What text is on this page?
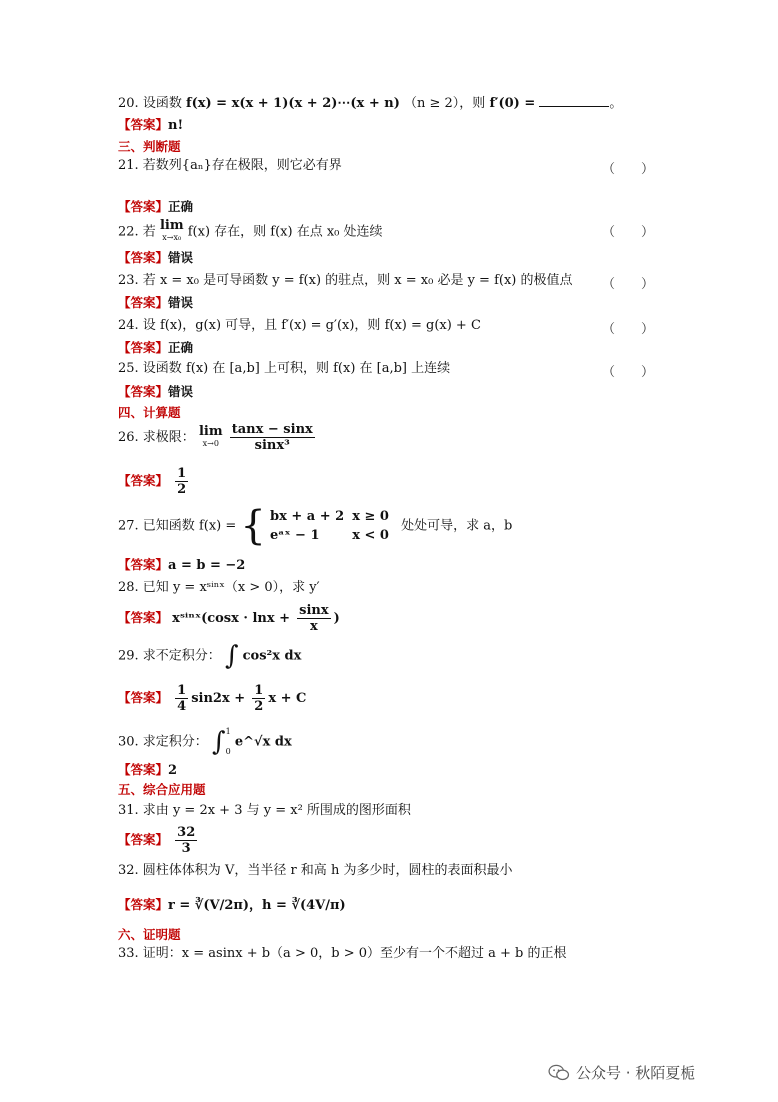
20. 设函数 f(x) = x(x + 1)(x + 2)⋯(x + n) （n ≥ 2），则 f′(0) =	。
【答案】n!
三、判断题
21. 若数列{aₙ}存在极限，则它必有界	（　　）
【答案】正确
22. 若 lim
x→x₀ f(x) 存在，则 f(x) 在点 x₀ 处连续	（　　）
【答案】错误
23. 若 x = x₀ 是可导函数 y = f(x) 的驻点，则 x = x₀ 必是 y = f(x) 的极值点 （　　）
【答案】错误
24. 设 f(x)，g(x) 可导，且 f′(x) = g′(x)，则 f(x) = g(x) + C	（　　）
【答案】正确
25. 设函数 f(x) 在 [a,b] 上可积，则 f(x) 在 [a,b] 上连续	（　　）
【答案】错误
四、计算题
26. 求极限： lim
x→0
$\frac{\tan x - \sin x}{\text{sinx³}}$
【答案】 $\frac{1}{2}$
27. 已知函数 f(x) = { bx + a + 2	x ≥ 0
eᵃˣ − 1	x < 0 处处可导，求 a，b
【答案】a = b = −2
28. 已知 y = xˢⁱⁿˣ（x > 0），求 y′
【答案】 xˢⁱⁿˣ(cosx · $\ln x + \frac{\sin x}{x}$ )
29. 求不定积分： ∫ cos²x dx
【答案】 $\frac{1}{4} \sin 2x + \frac{1}{2}$ x + C
30. 求定积分： ∫ 1
0
e^√x dx
【答案】2
五、综合应用题
31. 求由 y = 2x + 3 与 y = x² 所围成的图形面积
【答案】 $\frac{32}{3}$
32. 圆柱体体积为 V，当半径 r 和高 h 为多少时，圆柱的表面积最小
【答案】r = ∛(V/2π)，h = ∛(4V/π)
六、证明题
33. 证明：x = asinx + b（a > 0，b > 0）至少有一个不超过 a + b 的正根
公众号 · 秋陌夏栀
